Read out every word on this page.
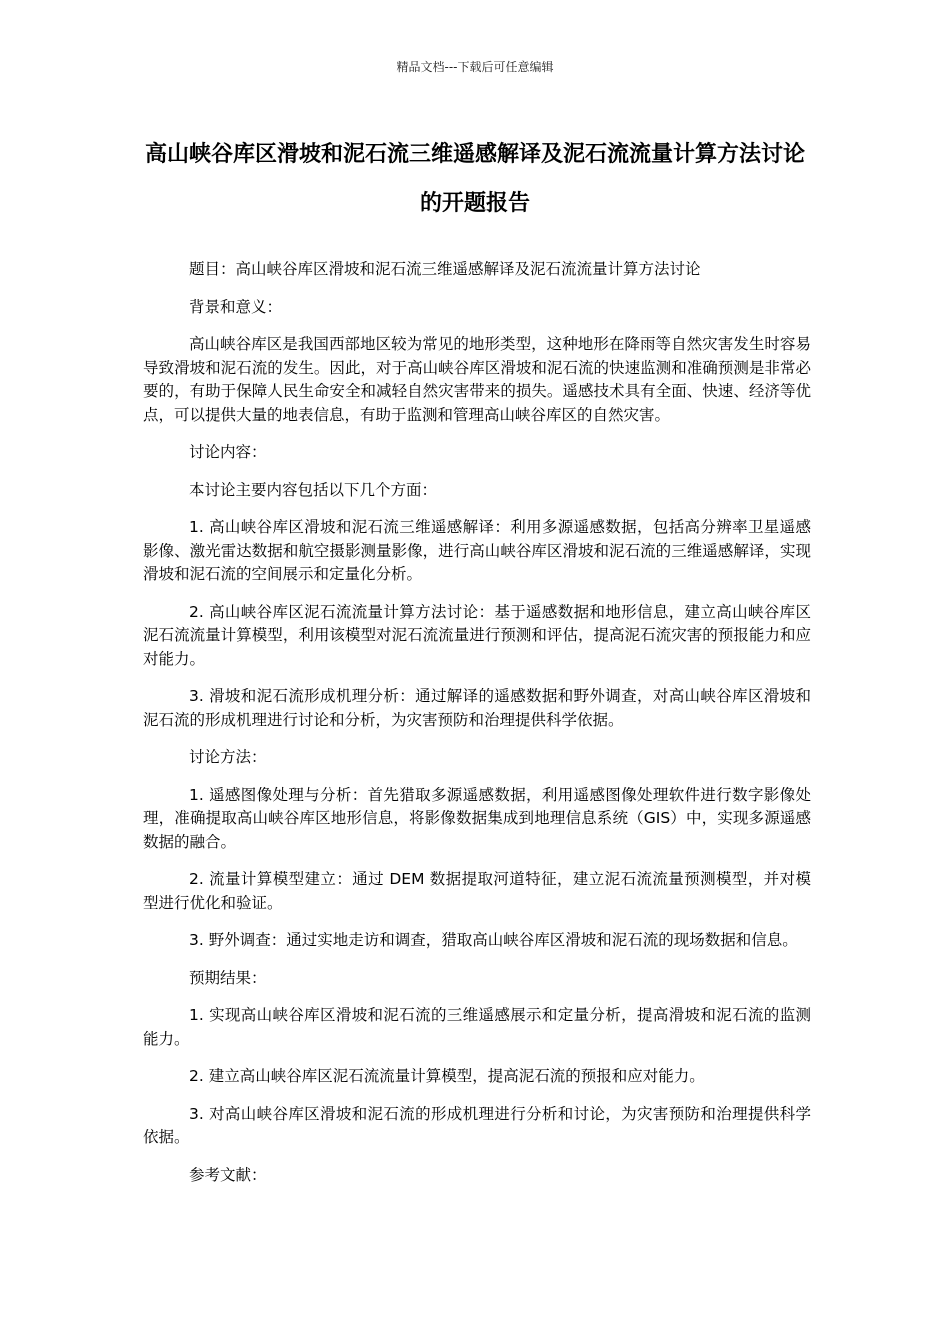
精品文档---下载后可任意编辑
高山峡谷库区滑坡和泥石流三维遥感解译及泥石流流量计算方法讨论的开题报告

题目：高山峡谷库区滑坡和泥石流三维遥感解译及泥石流流量计算方法讨论

背景和意义：

高山峡谷库区是我国西部地区较为常见的地形类型，这种地形在降雨等自然灾害发生时容易导致滑坡和泥石流的发生。因此，对于高山峡谷库区滑坡和泥石流的快速监测和准确预测是非常必要的，有助于保障人民生命安全和减轻自然灾害带来的损失。遥感技术具有全面、快速、经济等优点，可以提供大量的地表信息，有助于监测和管理高山峡谷库区的自然灾害。

讨论内容：

本讨论主要内容包括以下几个方面：

1. 高山峡谷库区滑坡和泥石流三维遥感解译：利用多源遥感数据，包括高分辨率卫星遥感影像、激光雷达数据和航空摄影测量影像，进行高山峡谷库区滑坡和泥石流的三维遥感解译，实现滑坡和泥石流的空间展示和定量化分析。

2. 高山峡谷库区泥石流流量计算方法讨论：基于遥感数据和地形信息，建立高山峡谷库区泥石流流量计算模型，利用该模型对泥石流流量进行预测和评估，提高泥石流灾害的预报能力和应对能力。

3. 滑坡和泥石流形成机理分析：通过解译的遥感数据和野外调查，对高山峡谷库区滑坡和泥石流的形成机理进行讨论和分析，为灾害预防和治理提供科学依据。

讨论方法：

1. 遥感图像处理与分析：首先猎取多源遥感数据，利用遥感图像处理软件进行数字影像处理，准确提取高山峡谷库区地形信息，将影像数据集成到地理信息系统（GIS）中，实现多源遥感数据的融合。

2. 流量计算模型建立：通过 DEM 数据提取河道特征，建立泥石流流量预测模型，并对模型进行优化和验证。

3. 野外调查：通过实地走访和调查，猎取高山峡谷库区滑坡和泥石流的现场数据和信息。

预期结果：

1. 实现高山峡谷库区滑坡和泥石流的三维遥感展示和定量分析，提高滑坡和泥石流的监测能力。

2. 建立高山峡谷库区泥石流流量计算模型，提高泥石流的预报和应对能力。

3. 对高山峡谷库区滑坡和泥石流的形成机理进行分析和讨论，为灾害预防和治理提供科学依据。

参考文献：
